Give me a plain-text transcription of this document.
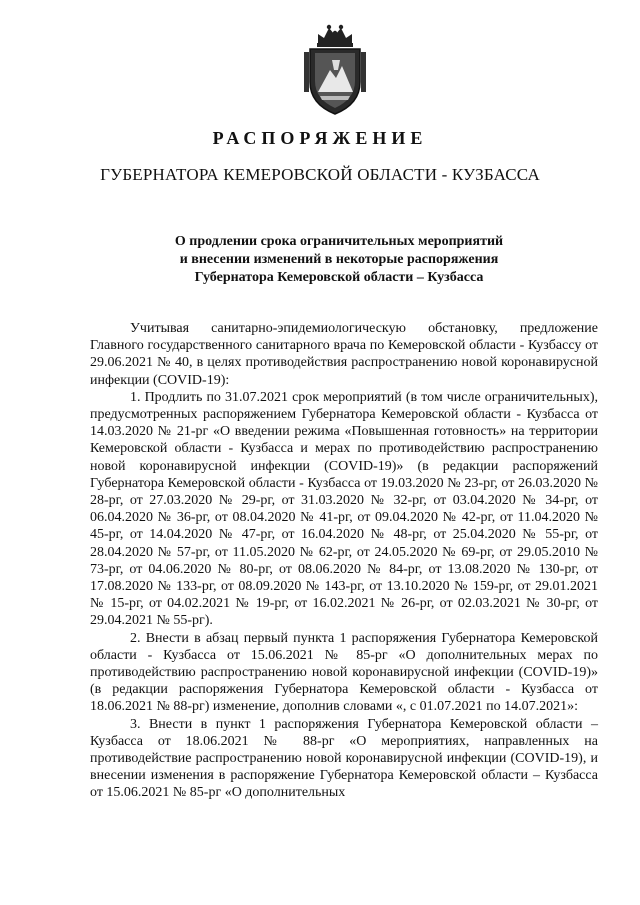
РАСПОРЯЖЕНИЕ
ГУБЕРНАТОРА КЕМЕРОВСКОЙ ОБЛАСТИ - КУЗБАССА
О продлении срока ограничительных мероприятий
и внесении изменений в некоторые распоряжения
Губернатора Кемеровской области – Кузбасса

Учитывая санитарно-эпидемиологическую обстановку, предложение Главного государственного санитарного врача по Кемеровской области - Кузбассу от 29.06.2021 № 40, в целях противодействия распространению новой коронавирусной инфекции (COVID-19):

1. Продлить по 31.07.2021 срок мероприятий (в том числе ограничительных), предусмотренных распоряжением Губернатора Кемеровской области - Кузбасса от 14.03.2020 № 21-рг «О введении режима «Повышенная готовность» на территории Кемеровской области - Кузбасса и мерах по противодействию распространению новой коронавирусной инфекции (COVID-19)» (в редакции распоряжений Губернатора Кемеровской области - Кузбасса от 19.03.2020 № 23-рг, от 26.03.2020 № 28-рг, от 27.03.2020 № 29-рг, от 31.03.2020 № 32-рг, от 03.04.2020 № 34-рг, от 06.04.2020 № 36-рг, от 08.04.2020 № 41-рг, от 09.04.2020 № 42-рг, от 11.04.2020 № 45-рг, от 14.04.2020 № 47-рг, от 16.04.2020 № 48-рг, от 25.04.2020 № 55-рг, от 28.04.2020 № 57-рг, от 11.05.2020 № 62-рг, от 24.05.2020 № 69-рг, от 29.05.2010 № 73-рг, от 04.06.2020 № 80-рг, от 08.06.2020 № 84-рг, от 13.08.2020 № 130-рг, от 17.08.2020 № 133-рг, от 08.09.2020 № 143-рг, от 13.10.2020 № 159-рг, от 29.01.2021 № 15-рг, от 04.02.2021 № 19-рг, от 16.02.2021 № 26-рг, от 02.03.2021 № 30-рг, от 29.04.2021 № 55-рг).

2. Внести в абзац первый пункта 1 распоряжения Губернатора Кемеровской области - Кузбасса от 15.06.2021 № 85-рг «О дополнительных мерах по противодействию распространению новой коронавирусной инфекции (COVID-19)» (в редакции распоряжения Губернатора Кемеровской области - Кузбасса от 18.06.2021 № 88-рг) изменение, дополнив словами «, с 01.07.2021 по 14.07.2021»:

3. Внести в пункт 1 распоряжения Губернатора Кемеровской области – Кузбасса от 18.06.2021 № 88-рг «О мероприятиях, направленных на противодействие распространению новой коронавирусной инфекции (COVID-19), и внесении изменения в распоряжение Губернатора Кемеровской области – Кузбасса от 15.06.2021 № 85-рг «О дополнительных
